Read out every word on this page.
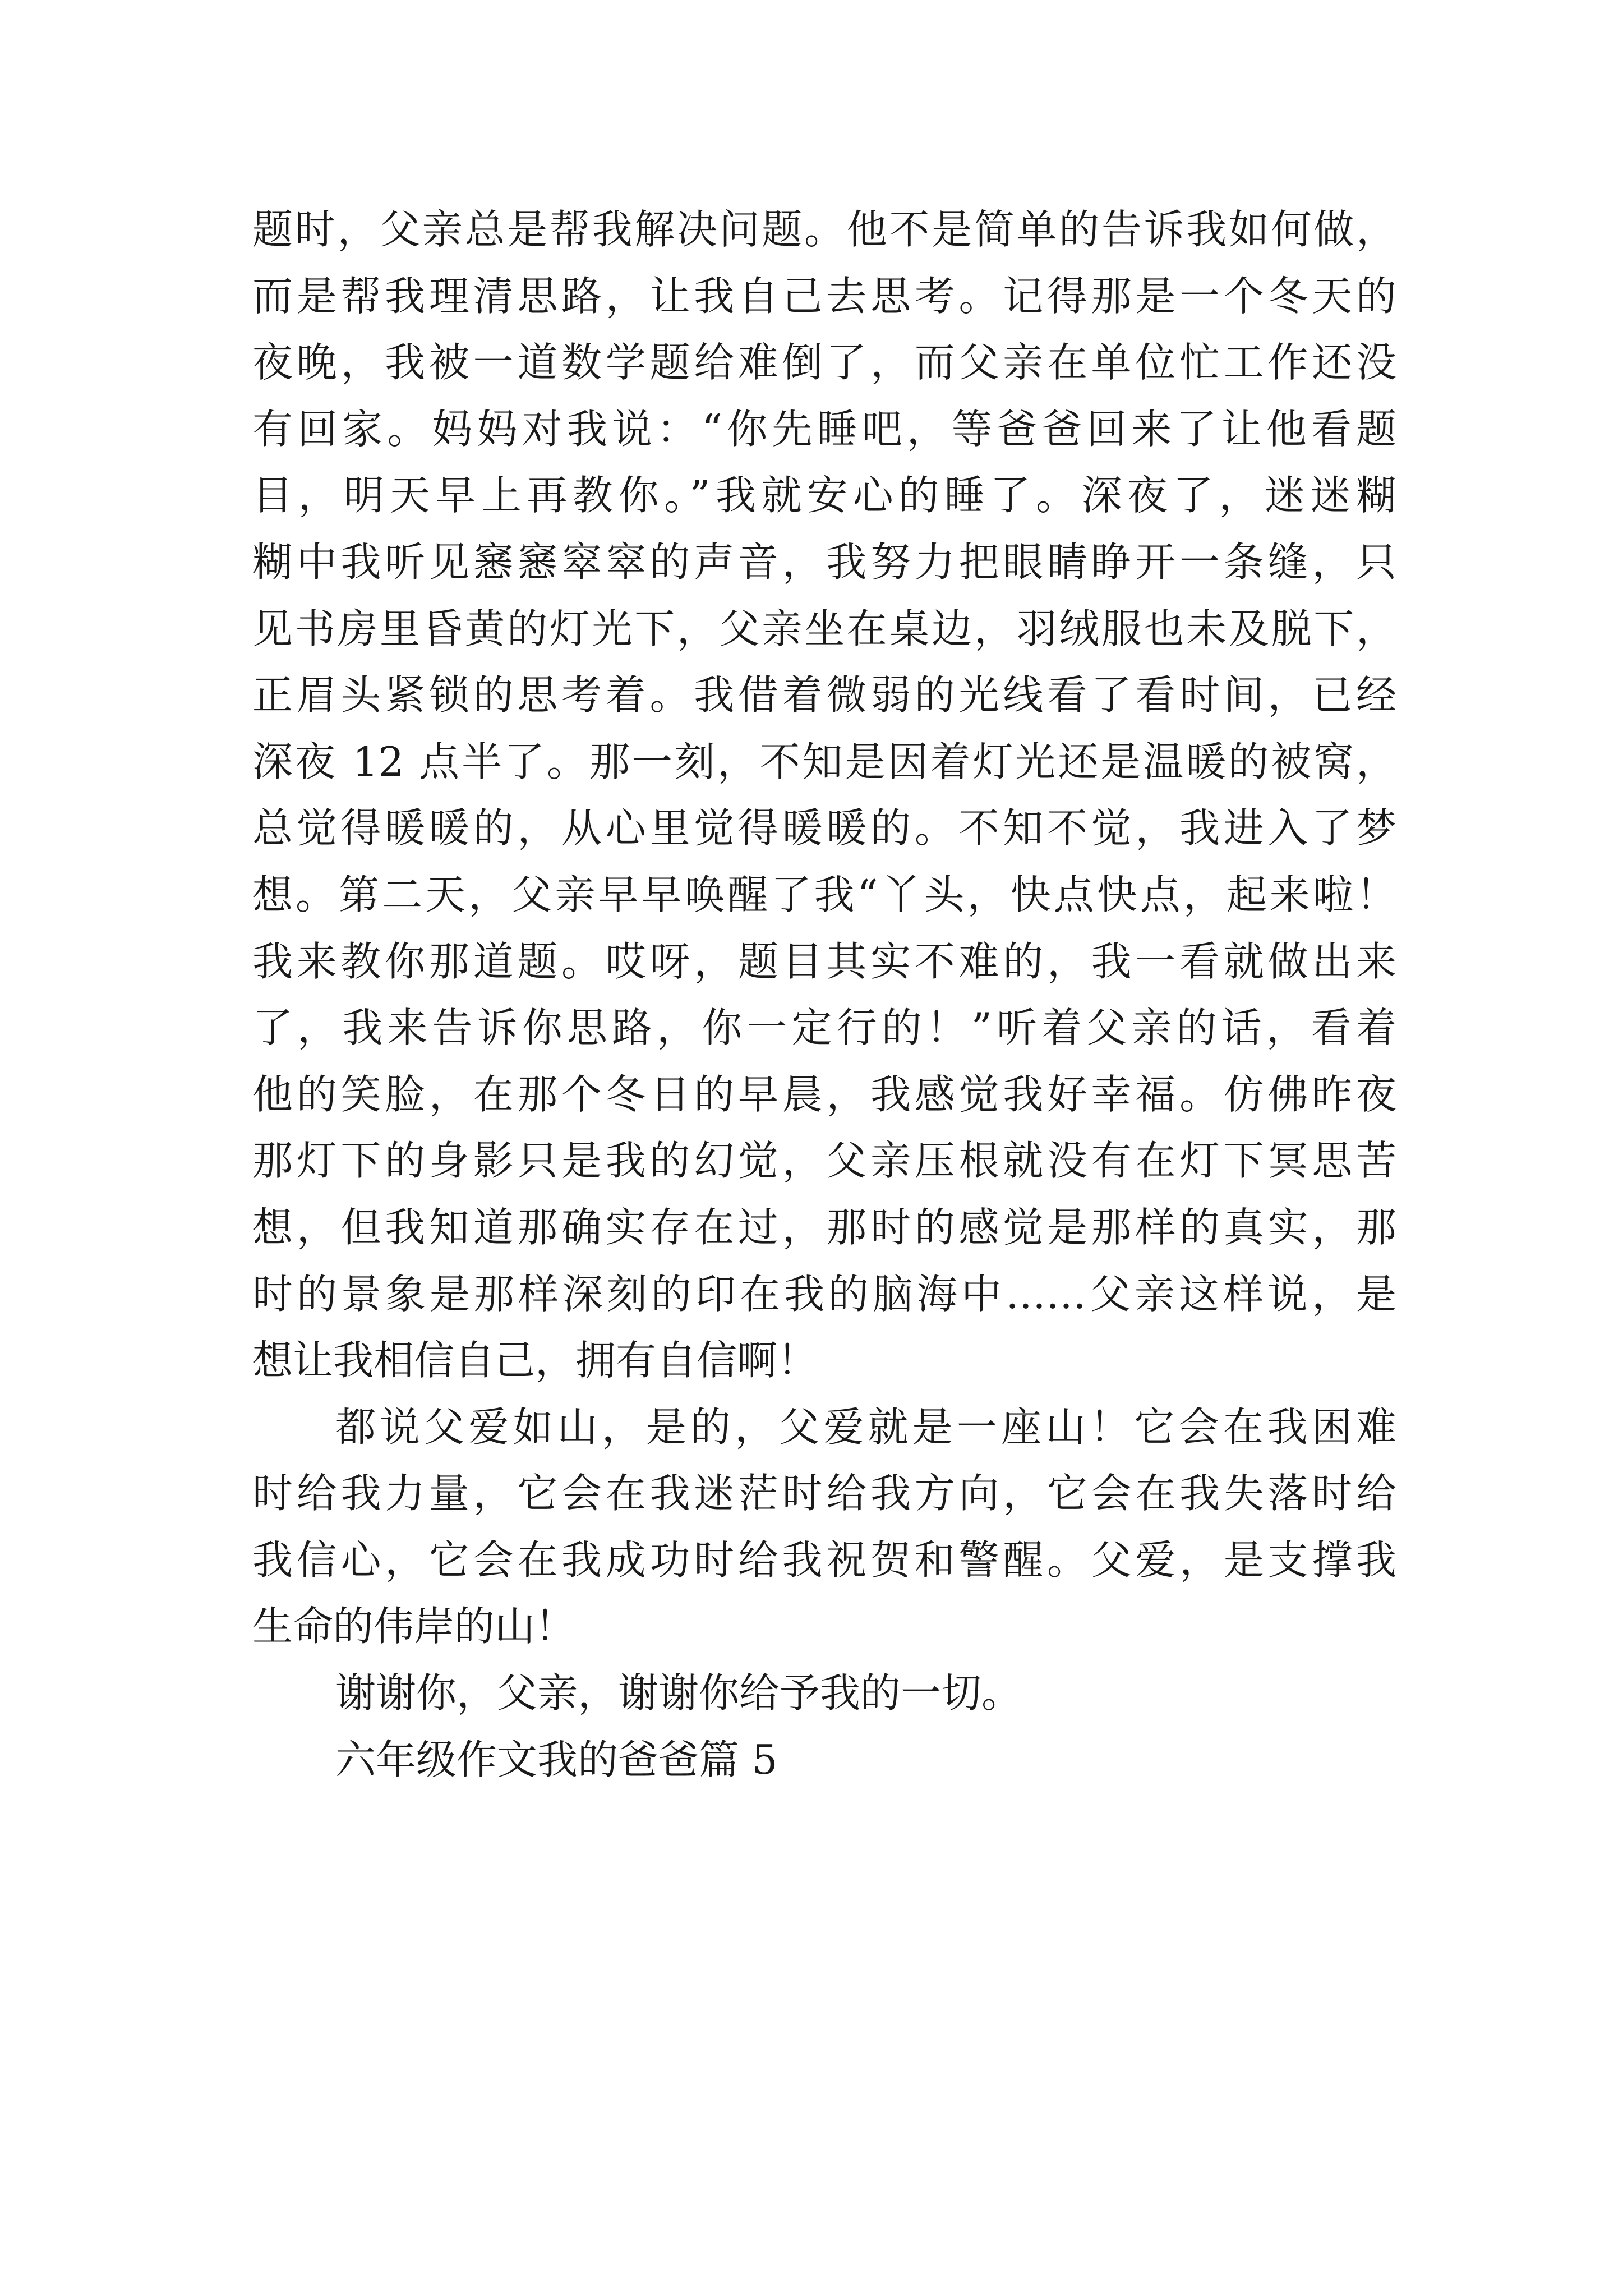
题时，父亲总是帮我解决问题。他不是简单的告诉我如何做，
而是帮我理清思路，让我自己去思考。记得那是一个冬天的
夜晚，我被一道数学题给难倒了，而父亲在单位忙工作还没
有回家。妈妈对我说：“你先睡吧，等爸爸回来了让他看题
目，明天早上再教你。”我就安心的睡了。深夜了，迷迷糊
糊中我听见窸窸窣窣的声音，我努力把眼睛睁开一条缝，只
见书房里昏黄的灯光下，父亲坐在桌边，羽绒服也未及脱下，
正眉头紧锁的思考着。我借着微弱的光线看了看时间，已经
深夜 12 点半了。那一刻，不知是因着灯光还是温暖的被窝，
总觉得暖暖的，从心里觉得暖暖的。不知不觉，我进入了梦
想。第二天，父亲早早唤醒了我“丫头，快点快点，起来啦！
我来教你那道题。哎呀，题目其实不难的，我一看就做出来
了，我来告诉你思路，你一定行的！”听着父亲的话，看着
他的笑脸，在那个冬日的早晨，我感觉我好幸福。仿佛昨夜
那灯下的身影只是我的幻觉，父亲压根就没有在灯下冥思苦
想，但我知道那确实存在过，那时的感觉是那样的真实，那
时的景象是那样深刻的印在我的脑海中……父亲这样说，是
想让我相信自己，拥有自信啊！
都说父爱如山，是的，父爱就是一座山！它会在我困难
时给我力量，它会在我迷茫时给我方向，它会在我失落时给
我信心，它会在我成功时给我祝贺和警醒。父爱，是支撑我
生命的伟岸的山！
谢谢你，父亲，谢谢你给予我的一切。
六年级作文我的爸爸篇 5
